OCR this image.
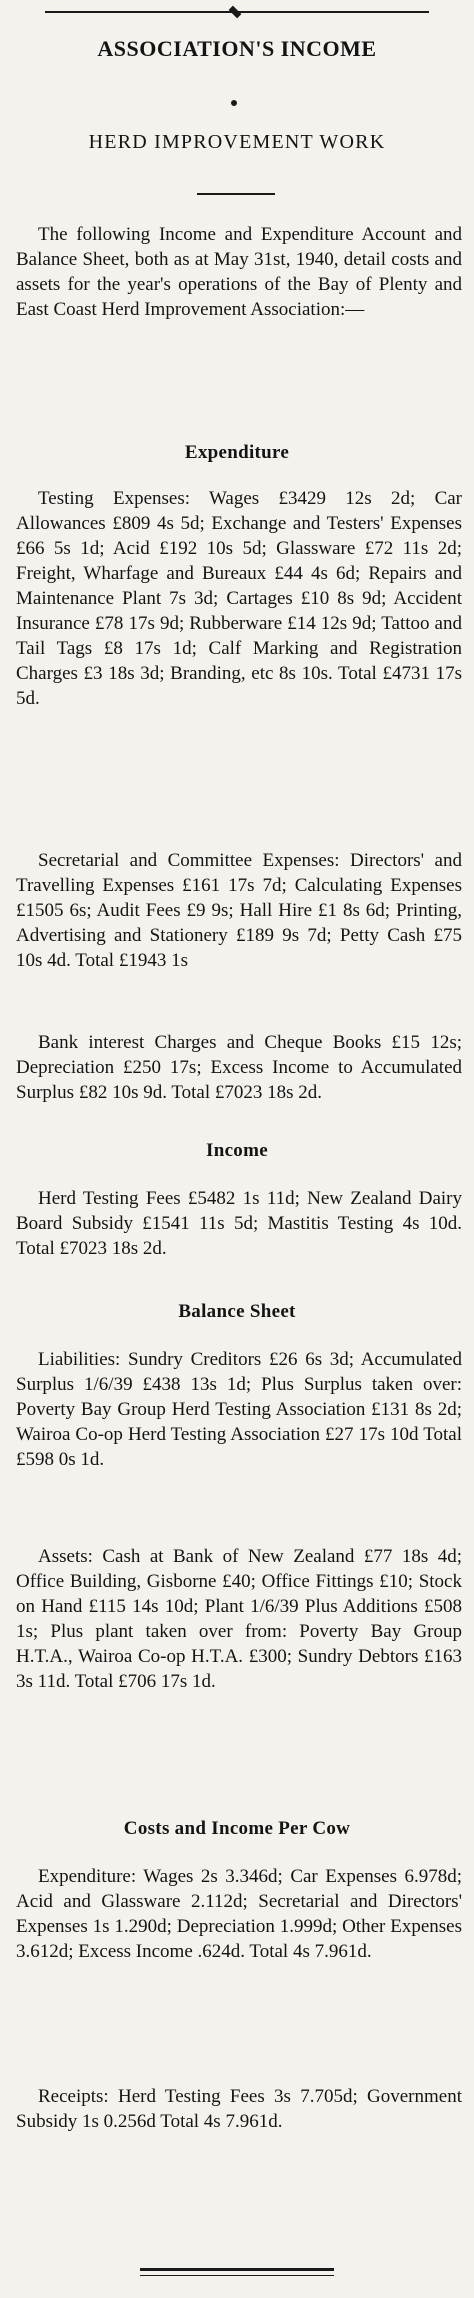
ASSOCIATION'S INCOME
HERD IMPROVEMENT WORK
The following Income and Expenditure Account and Balance Sheet, both as at May 31st, 1940, detail costs and assets for the year's operations of the Bay of Plenty and East Coast Herd Improvement Association:—
Expenditure
Testing Expenses: Wages £3429 12s 2d; Car Allowances £809 4s 5d; Exchange and Testers' Expenses £66 5s 1d; Acid £192 10s 5d; Glassware £72 11s 2d; Freight, Wharfage and Bureaux £44 4s 6d; Repairs and Maintenance Plant 7s 3d; Cartages £10 8s 9d; Accident Insurance £78 17s 9d; Rubberware £14 12s 9d; Tattoo and Tail Tags £8 17s 1d; Calf Marking and Registration Charges £3 18s 3d; Branding, etc 8s 10s. Total £4731 17s 5d.
Secretarial and Committee Expenses: Directors' and Travelling Expenses £161 17s 7d; Calculating Expenses £1505 6s; Audit Fees £9 9s; Hall Hire £1 8s 6d; Printing, Advertising and Stationery £189 9s 7d; Petty Cash £75 10s 4d. Total £1943 1s
Bank interest Charges and Cheque Books £15 12s; Depreciation £250 17s; Excess Income to Accumulated Surplus £82 10s 9d. Total £7023 18s 2d.
Income
Herd Testing Fees £5482 1s 11d; New Zealand Dairy Board Subsidy £1541 11s 5d; Mastitis Testing 4s 10d. Total £7023 18s 2d.
Balance Sheet
Liabilities: Sundry Creditors £26 6s 3d; Accumulated Surplus 1/6/39 £438 13s 1d; Plus Surplus taken over: Poverty Bay Group Herd Testing Association £131 8s 2d; Wairoa Co-op Herd Testing Association £27 17s 10d Total £598 0s 1d.
Assets: Cash at Bank of New Zealand £77 18s 4d; Office Building, Gisborne £40; Office Fittings £10; Stock on Hand £115 14s 10d; Plant 1/6/39 Plus Additions £508 1s; Plus plant taken over from: Poverty Bay Group H.T.A., Wairoa Co-op H.T.A. £300; Sundry Debtors £163 3s 11d. Total £706 17s 1d.
Costs and Income Per Cow
Expenditure: Wages 2s 3.346d; Car Expenses 6.978d; Acid and Glassware 2.112d; Secretarial and Directors' Expenses 1s 1.290d; Depreciation 1.999d; Other Expenses 3.612d; Excess Income .624d. Total 4s 7.961d.
Receipts: Herd Testing Fees 3s 7.705d; Government Subsidy 1s 0.256d Total 4s 7.961d.
